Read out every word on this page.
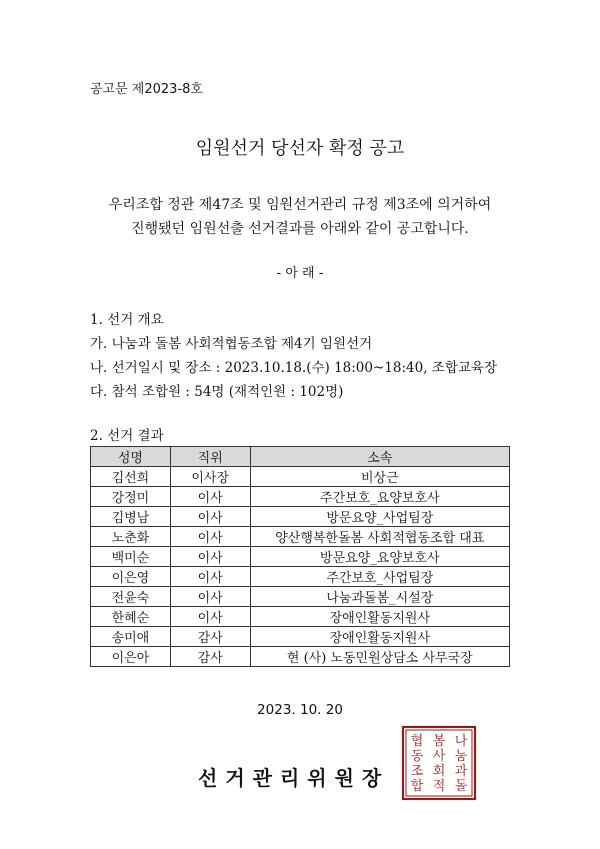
공고문 제2023-8호
임원선거 당선자 확정 공고
우리조합 정관 제47조 및 임원선거관리 규정 제3조에 의거하여
진행됐던 임원선출 선거결과를 아래와 같이 공고합니다.
- 아 래 -
1. 선거 개요
가. 나눔과 돌봄 사회적협동조합 제4기 임원선거
나. 선거일시 및 장소 : 2023.10.18.(수) 18:00~18:40, 조합교육장
다. 참석 조합원 : 54명 (재적인원 : 102명)
2. 선거 결과
성명	직위	소속
김선희	이사장	비상근
강정미	이사	주간보호_요양보호사
김병남	이사	방문요양_사업팀장
노춘화	이사	양산행복한돌봄 사회적협동조합 대표
백미순	이사	방문요양_요양보호사
이은영	이사	주간보호_사업팀장
전윤숙	이사	나눔과돌봄_시설장
한혜순	이사	장애인활동지원사
송미애	감사	장애인활동지원사
이은아	감사	현 (사) 노동민원상담소 사무국장
2023. 10. 20
선거관리위원장
나
눔
과
돌
봄
사
회
적
협
동
조
합
